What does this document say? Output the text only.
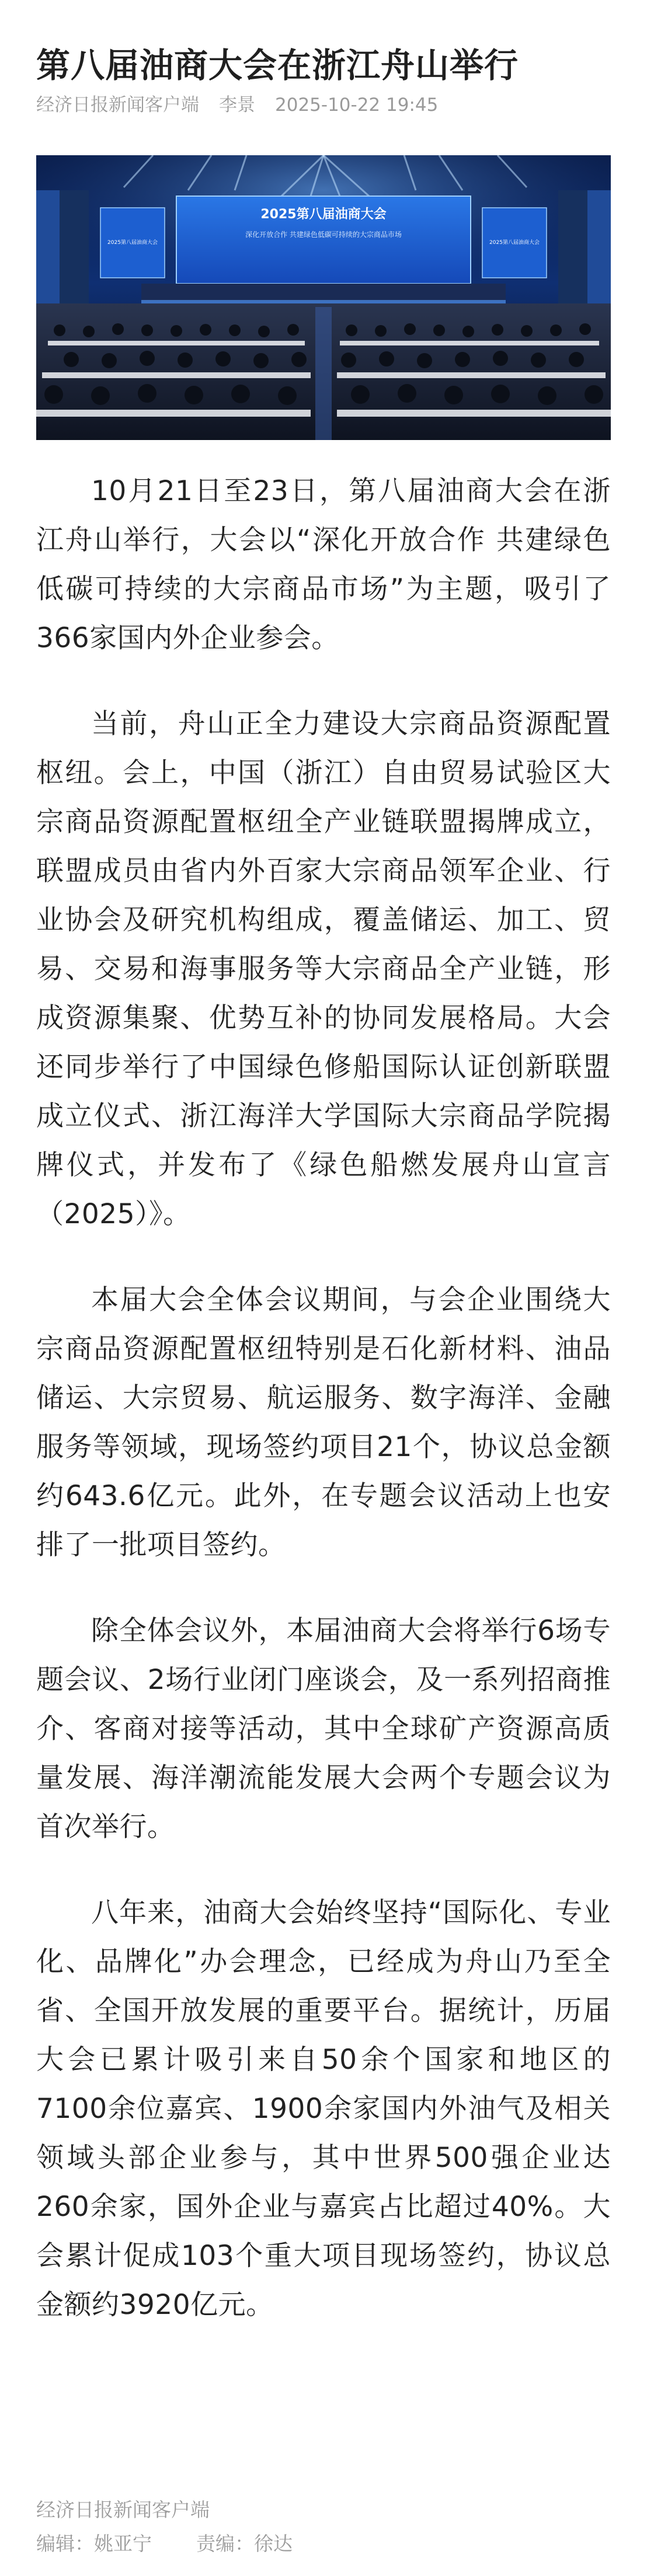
第八届油商大会在浙江舟山举行
经济日报新闻客户端 李景 2025-10-22 19:45
2025第八届油商大会
深化开放合作 共建绿色低碳可持续的大宗商品市场
2025第八届油商大会	2025第八届油商大会

10月21日至23日，第八届油商大会在浙江舟山举行，大会以“深化开放合作 共建绿色低碳可持续的大宗商品市场”为主题，吸引了366家国内外企业参会。

当前，舟山正全力建设大宗商品资源配置枢纽。会上，中国（浙江）自由贸易试验区大宗商品资源配置枢纽全产业链联盟揭牌成立，联盟成员由省内外百家大宗商品领军企业、行业协会及研究机构组成，覆盖储运、加工、贸易、交易和海事服务等大宗商品全产业链，形成资源集聚、优势互补的协同发展格局。大会还同步举行了中国绿色修船国际认证创新联盟成立仪式、浙江海洋大学国际大宗商品学院揭牌仪式，并发布了《绿色船燃发展舟山宣言（2025）》。

本届大会全体会议期间，与会企业围绕大宗商品资源配置枢纽特别是石化新材料、油品储运、大宗贸易、航运服务、数字海洋、金融服务等领域，现场签约项目21个，协议总金额约643.6亿元。此外，在专题会议活动上也安排了一批项目签约。

除全体会议外，本届油商大会将举行6场专题会议、2场行业闭门座谈会，及一系列招商推介、客商对接等活动，其中全球矿产资源高质量发展、海洋潮流能发展大会两个专题会议为首次举行。

八年来，油商大会始终坚持“国际化、专业化、品牌化”办会理念，已经成为舟山乃至全省、全国开放发展的重要平台。据统计，历届大会已累计吸引来自50余个国家和地区的7100余位嘉宾、1900余家国内外油气及相关领域头部企业参与，其中世界500强企业达260余家，国外企业与嘉宾占比超过40%。大会累计促成103个重大项目现场签约，协议总金额约3920亿元。

经济日报新闻客户端
编辑：姚亚宁 责编：徐达
